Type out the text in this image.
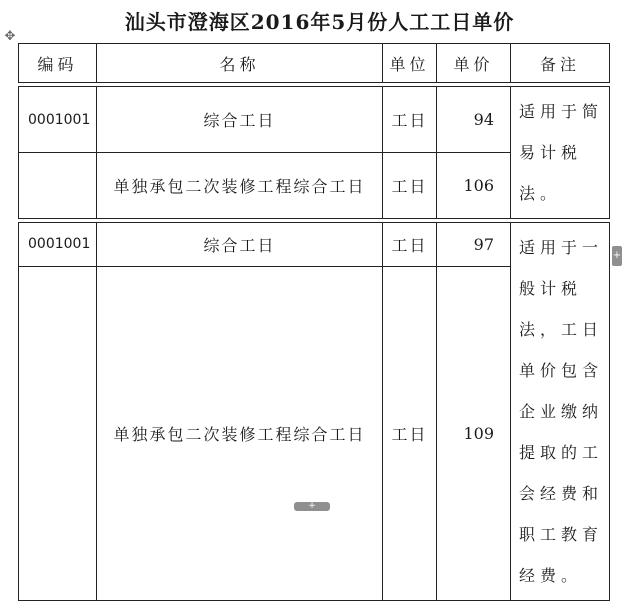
汕头市澄海区2016年5月份人工工日单价
✥
编码	名称	单位	单价	备注

0001001	综合工日	工日	94	适用于简易计税法。

	单独承包二次装修工程综合工日	工日	106	

0001001	综合工日	工日	97	适用于一般计税法，工日单价包含企业缴纳提取的工会经费和职工教育经费。

	单独承包二次装修工程综合工日	工日	109	
+
+
